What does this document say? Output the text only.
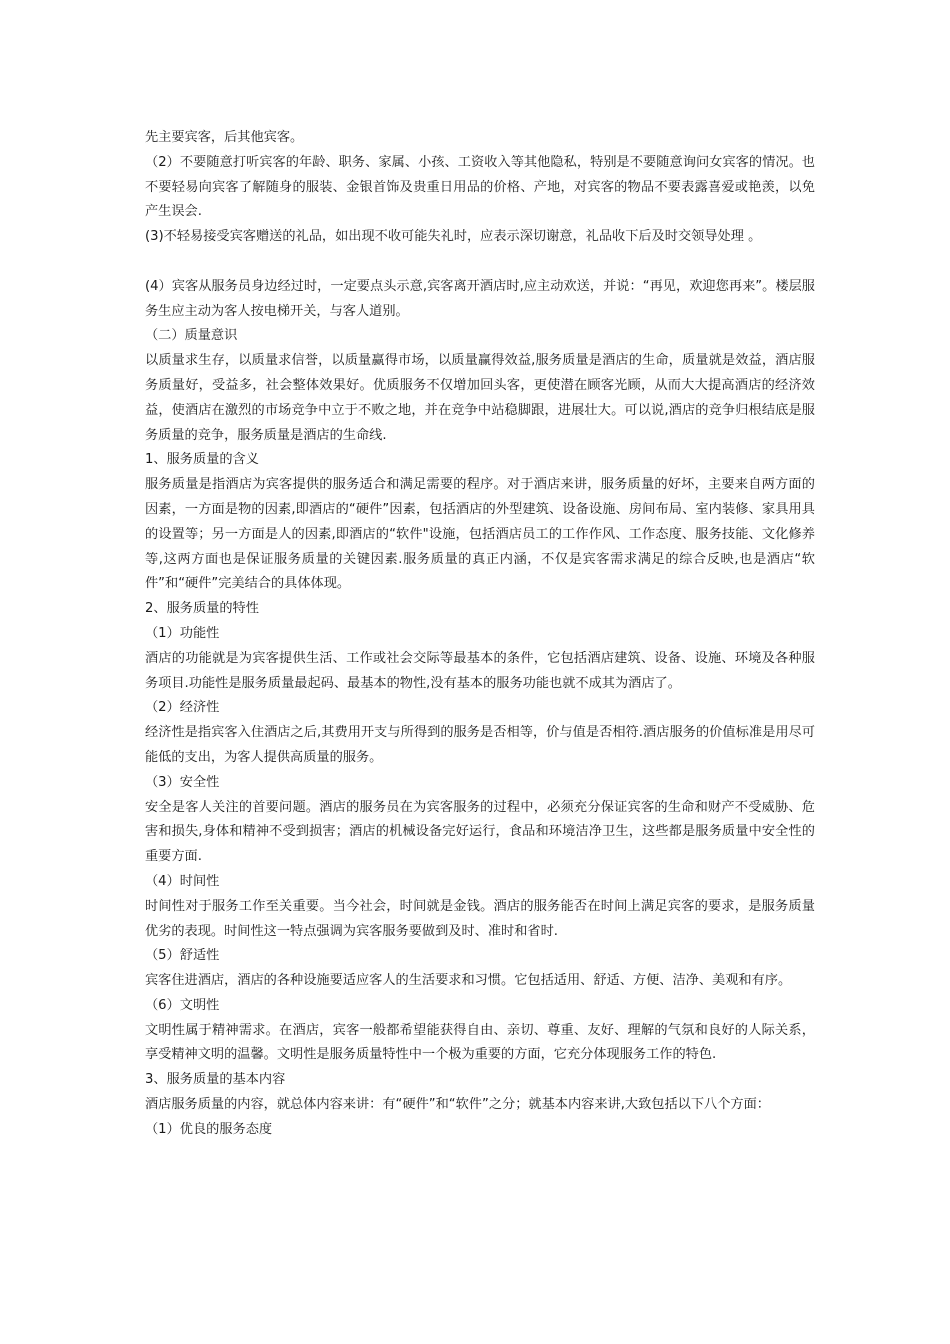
先主要宾客，后其他宾客。
（2）不要随意打听宾客的年龄、职务、家属、小孩、工资收入等其他隐私，特别是不要随意询问女宾客的情况。也不要轻易向宾客了解随身的服装、金银首饰及贵重日用品的价格、产地，对宾客的物品不要表露喜爱或艳羡，以免产生误会.
(3)不轻易接受宾客赠送的礼品，如出现不收可能失礼时，应表示深切谢意，礼品收下后及时交领导处理 。
(4）宾客从服务员身边经过时，一定要点头示意,宾客离开酒店时,应主动欢送，并说：“再见，欢迎您再来”。楼层服务生应主动为客人按电梯开关，与客人道别。
（二）质量意识
以质量求生存，以质量求信誉，以质量赢得市场，以质量赢得效益,服务质量是酒店的生命，质量就是效益，酒店服务质量好，受益多，社会整体效果好。优质服务不仅增加回头客，更使潜在顾客光顾，从而大大提高酒店的经济效益，使酒店在激烈的市场竞争中立于不败之地，并在竞争中站稳脚跟，进展壮大。可以说,酒店的竞争归根结底是服务质量的竞争，服务质量是酒店的生命线.
1、服务质量的含义
服务质量是指酒店为宾客提供的服务适合和满足需要的程序。对于酒店来讲，服务质量的好坏，主要来自两方面的因素，一方面是物的因素,即酒店的“硬件”因素，包括酒店的外型建筑、设备设施、房间布局、室内装修、家具用具的设置等；另一方面是人的因素,即酒店的“软件"设施，包括酒店员工的工作作风、工作态度、服务技能、文化修养等,这两方面也是保证服务质量的关键因素.服务质量的真正内涵，不仅是宾客需求满足的综合反映,也是酒店“软件”和“硬件”完美结合的具体体现。
2、服务质量的特性
（1）功能性
酒店的功能就是为宾客提供生活、工作或社会交际等最基本的条件，它包括酒店建筑、设备、设施、环境及各种服务项目.功能性是服务质量最起码、最基本的物性,没有基本的服务功能也就不成其为酒店了。
（2）经济性
经济性是指宾客入住酒店之后,其费用开支与所得到的服务是否相等，价与值是否相符.酒店服务的价值标准是用尽可能低的支出，为客人提供高质量的服务。
（3）安全性
安全是客人关注的首要问题。酒店的服务员在为宾客服务的过程中，必须充分保证宾客的生命和财产不受威胁、危害和损失,身体和精神不受到损害；酒店的机械设备完好运行，食品和环境洁净卫生，这些都是服务质量中安全性的重要方面.
（4）时间性
时间性对于服务工作至关重要。当今社会，时间就是金钱。酒店的服务能否在时间上满足宾客的要求，是服务质量优劣的表现。时间性这一特点强调为宾客服务要做到及时、准时和省时.
（5）舒适性
宾客住进酒店，酒店的各种设施要适应客人的生活要求和习惯。它包括适用、舒适、方便、洁净、美观和有序。
（6）文明性
文明性属于精神需求。在酒店，宾客一般都希望能获得自由、亲切、尊重、友好、理解的气氛和良好的人际关系，享受精神文明的温馨。文明性是服务质量特性中一个极为重要的方面，它充分体现服务工作的特色.
3、服务质量的基本内容
酒店服务质量的内容，就总体内容来讲：有“硬件”和“软件”之分；就基本内容来讲,大致包括以下八个方面：
（1）优良的服务态度
